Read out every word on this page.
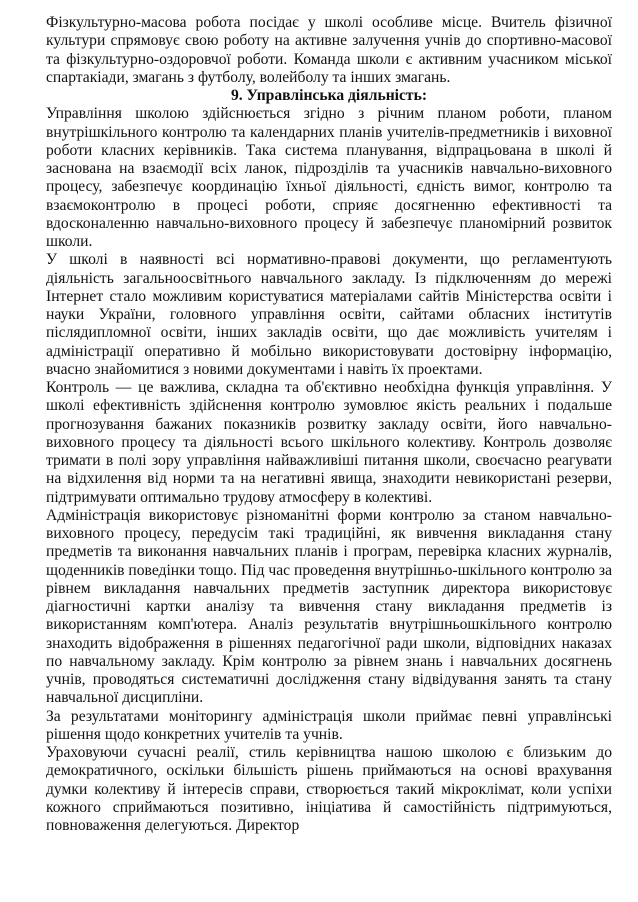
Фізкультурно-масова робота посідає у школі особливе місце. Вчитель фізичної культури спрямовує свою роботу на активне залучення учнів до спортивно-масової та фізкультурно-оздоровчої роботи. Команда школи є активним учасником міської спартакіади, змагань з футболу, волейболу та інших змагань.

9. Управлінська діяльність:

Управління школою здійснюється згідно з річним планом роботи, планом внутрішкільного контролю та календарних планів учителів-предметників і виховної роботи класних керівників. Така система планування, відпрацьована в школі й заснована на взаємодії всіх ланок, підрозділів та учасників навчально-виховного процесу, забезпечує координацію їхньої діяльності, єдність вимог, контролю та взаємоконтролю в процесі роботи, сприяє досягненню ефективності та вдосконаленню навчально-виховного процесу й забезпечує планомірний розвиток школи.

У школі в наявності всі нормативно-правові документи, що регламентують діяльність загальноосвітнього навчального закладу. Із підключенням до мережі Інтернет стало можливим користуватися матеріалами сайтів Міністерства освіти і науки України, головного управління освіти, сайтами обласних інститутів післядипломної освіти, інших закладів освіти, що дає можливість учителям і адміністрації оперативно й мобільно використовувати достовірну інформацію, вчасно знайомитися з новими документами і навіть їх проектами.

Контроль — це важлива, складна та об'єктивно необхідна функція управління. У школі ефективність здійснення контролю зумовлює якість реальних і подальше прогнозування бажаних показників розвитку закладу освіти, його навчально-виховного процесу та діяльності всього шкільного колективу. Контроль дозволяє тримати в полі зору управління найважливіші питання школи, своєчасно реагувати на відхилення від норми та на негативні явища, знаходити невикористані резерви, підтримувати оптимально трудову атмосферу в колективі.

Адміністрація використовує різноманітні форми контролю за станом навчально-виховного процесу, передусім такі традиційні, як вивчення викладання стану предметів та виконання навчальних планів і програм, перевірка класних журналів, щоденників поведінки тощо. Під час проведення внутрішньо-шкільного контролю за рівнем викладання навчальних предметів заступник директора використовує діагностичні картки аналізу та вивчення стану викладання предметів із використанням комп'ютера. Аналіз результатів внутрішньошкільного контролю знаходить відображення в рішеннях педагогічної ради школи, відповідних наказах по навчальному закладу. Крім контролю за рівнем знань і навчальних досягнень учнів, проводяться систематичні дослідження стану відвідування занять та стану навчальної дисципліни.

За результатами моніторингу адміністрація школи приймає певні управлінські рішення щодо конкретних учителів та учнів.

Ураховуючи сучасні реалії, стиль керівництва нашою школою є близьким до демократичного, оскільки більшість рішень приймаються на основі врахування думки колективу й інтересів справи, створюється такий мікроклімат, коли успіхи кожного сприймаються позитивно, ініціатива й самостійність підтримуються, повноваження делегуються. Директор
